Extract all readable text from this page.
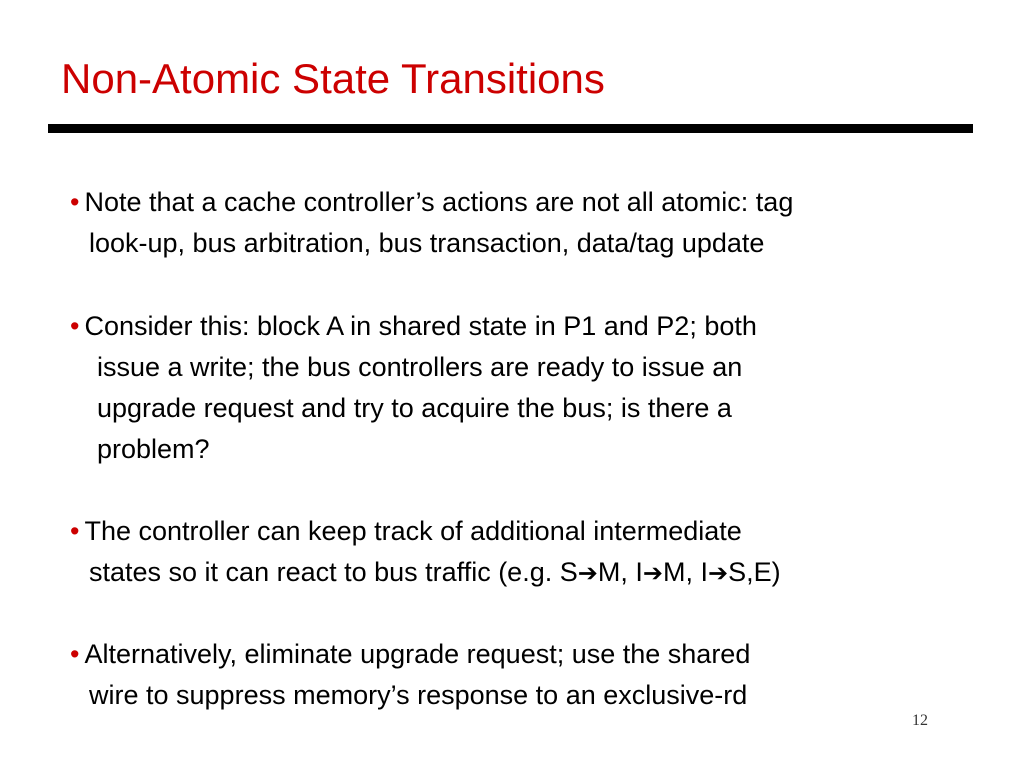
Non-Atomic State Transitions
• Note that a cache controller’s actions are not all atomic: tag
look-up, bus arbitration, bus transaction, data/tag update
• Consider this: block A in shared state in P1 and P2; both
issue a write; the bus controllers are ready to issue an
upgrade request and try to acquire the bus; is there a
problem?
• The controller can keep track of additional intermediate
states so it can react to bus traffic (e.g. S➔M, I➔M, I➔S,E)
• Alternatively, eliminate upgrade request; use the shared
wire to suppress memory’s response to an exclusive-rd
12
